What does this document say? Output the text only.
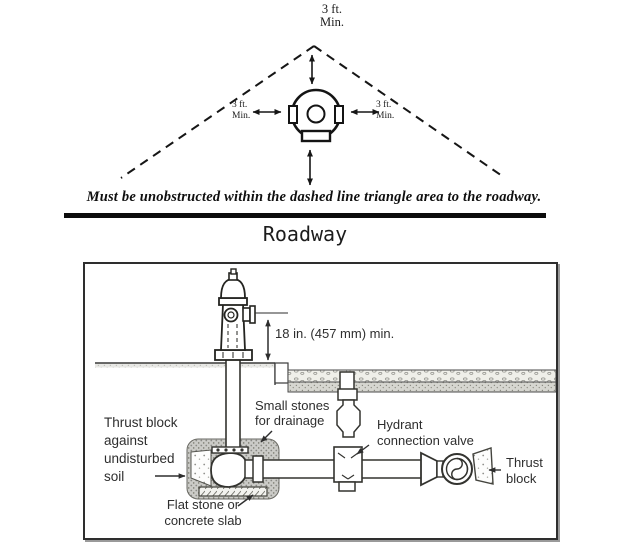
3 ft.
Min.
3 ft.
Min.
3 ft.
Min.
Must be unobstructed within the dashed line triangle area to the roadway.
Roadway
18 in. (457 mm) min.
Small stones
for drainage
Thrust block
against
undisturbed
soil
Hydrant
connection valve
Thrust
block
Flat stone or
concrete slab
